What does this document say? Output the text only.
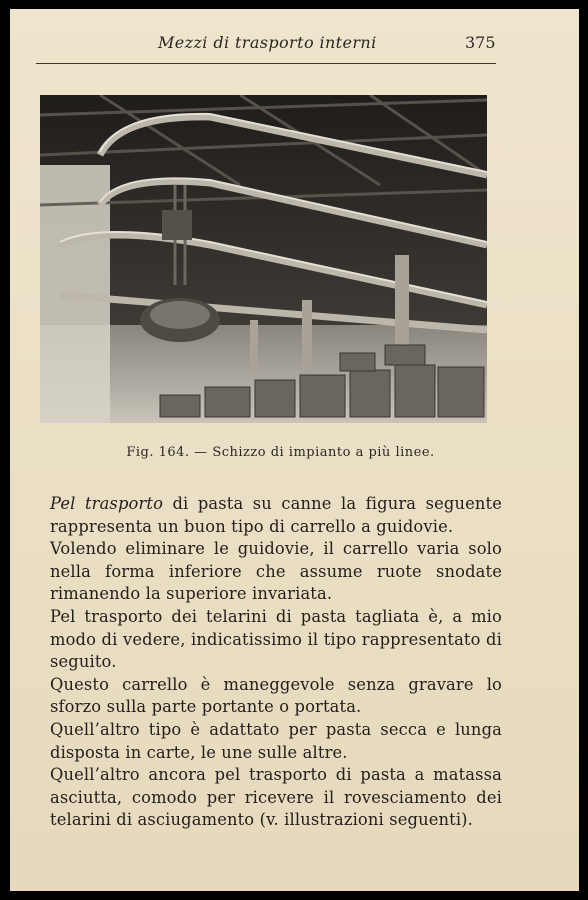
Mezzi di trasporto interni	375
Fig. 164. — Schizzo di impianto a più linee.

Pel trasporto di pasta su canne la figura seguente rappresenta un buon tipo di carrello a guidovie.

Volendo eliminare le guidovie, il carrello varia solo nella forma inferiore che assume ruote snodate rimanendo la superiore invariata.

Pel trasporto dei telarini di pasta tagliata è, a mio modo di vedere, indicatissimo il tipo rappresentato di seguito.

Questo carrello è maneggevole senza gravare lo sforzo sulla parte portante o portata.

Quell’altro tipo è adattato per pasta secca e lunga disposta in carte, le une sulle altre.

Quell’altro ancora pel trasporto di pasta a matassa asciutta, comodo per ricevere il rovesciamento dei telarini di asciugamento (v. illustrazioni seguenti).
